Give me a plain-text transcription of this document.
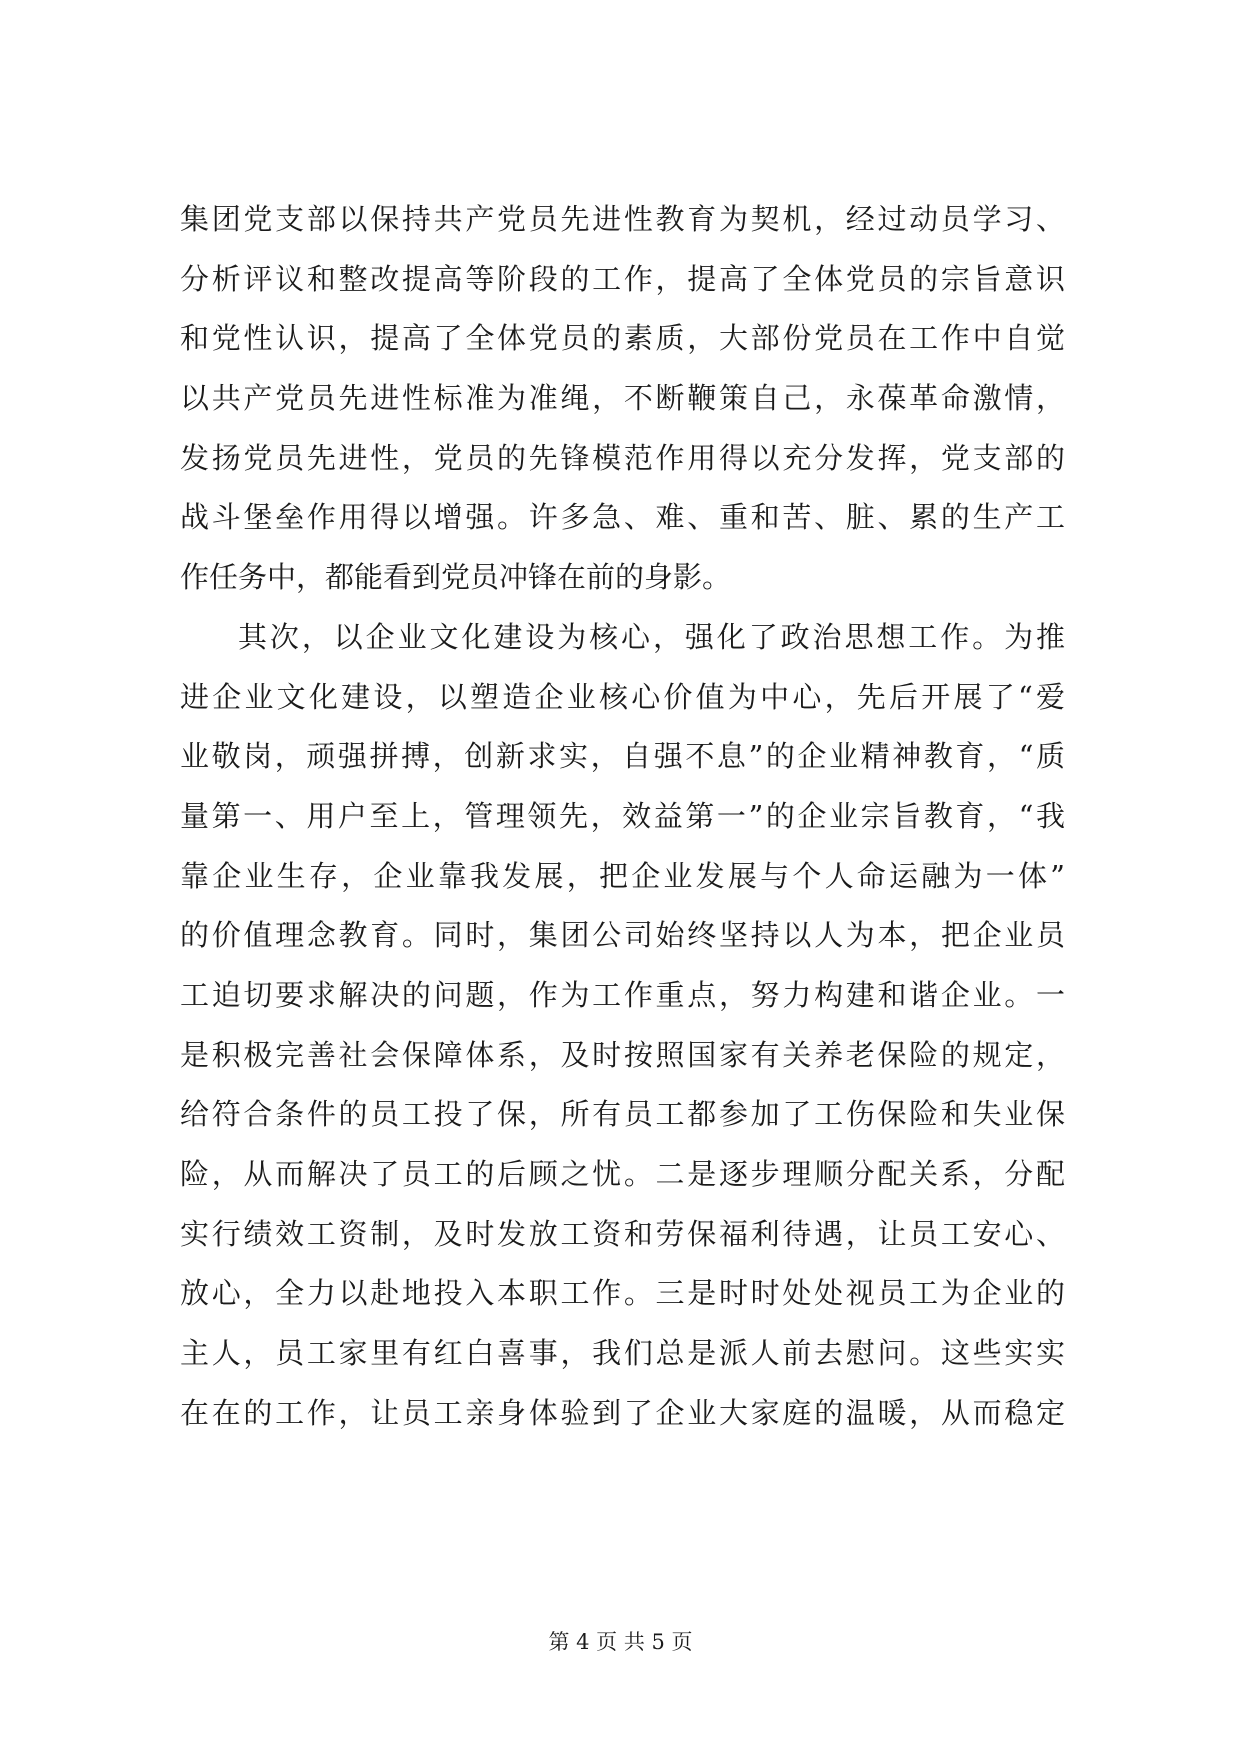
集团党支部以保持共产党员先进性教育为契机，经过动员学习、
分析评议和整改提高等阶段的工作，提高了全体党员的宗旨意识
和党性认识，提高了全体党员的素质，大部份党员在工作中自觉
以共产党员先进性标准为准绳，不断鞭策自己，永葆革命激情，
发扬党员先进性，党员的先锋模范作用得以充分发挥，党支部的
战斗堡垒作用得以增强。许多急、难、重和苦、脏、累的生产工
作任务中，都能看到党员冲锋在前的身影。
其次，以企业文化建设为核心，强化了政治思想工作。为推
进企业文化建设，以塑造企业核心价值为中心，先后开展了“爱
业敬岗，顽强拼搏，创新求实，自强不息”的企业精神教育，“质
量第一、用户至上，管理领先，效益第一”的企业宗旨教育，“我
靠企业生存，企业靠我发展，把企业发展与个人命运融为一体”
的价值理念教育。同时，集团公司始终坚持以人为本，把企业员
工迫切要求解决的问题，作为工作重点，努力构建和谐企业。一
是积极完善社会保障体系，及时按照国家有关养老保险的规定，
给符合条件的员工投了保，所有员工都参加了工伤保险和失业保
险，从而解决了员工的后顾之忧。二是逐步理顺分配关系，分配
实行绩效工资制，及时发放工资和劳保福利待遇，让员工安心、
放心，全力以赴地投入本职工作。三是时时处处视员工为企业的
主人，员工家里有红白喜事，我们总是派人前去慰问。这些实实
在在的工作，让员工亲身体验到了企业大家庭的温暖，从而稳定
第 4 页 共 5 页
